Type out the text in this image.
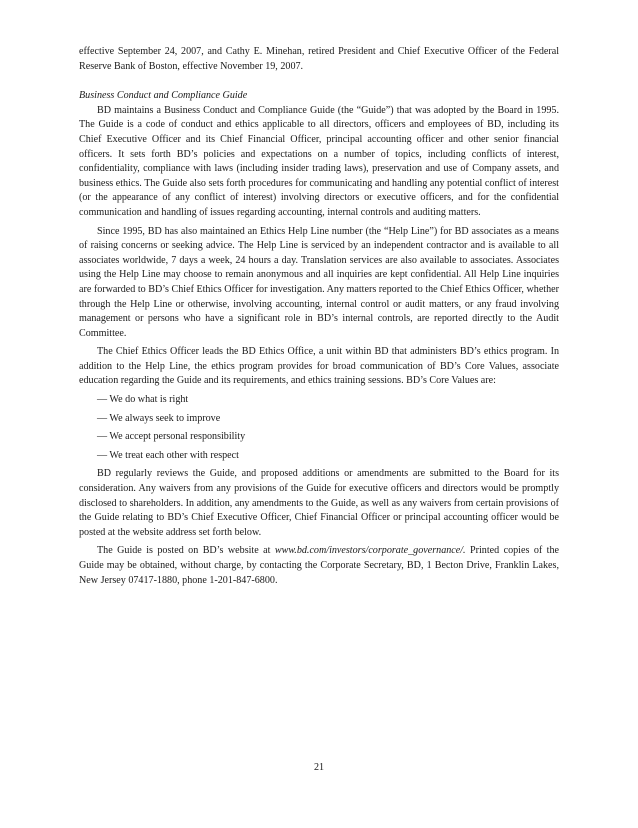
effective September 24, 2007, and Cathy E. Minehan, retired President and Chief Executive Officer of the Federal Reserve Bank of Boston, effective November 19, 2007.

Business Conduct and Compliance Guide

BD maintains a Business Conduct and Compliance Guide (the “Guide”) that was adopted by the Board in 1995. The Guide is a code of conduct and ethics applicable to all directors, officers and employees of BD, including its Chief Executive Officer and its Chief Financial Officer, principal accounting officer and other senior financial officers. It sets forth BD’s policies and expectations on a number of topics, including conflicts of interest, confidentiality, compliance with laws (including insider trading laws), preservation and use of Company assets, and business ethics. The Guide also sets forth procedures for communicating and handling any potential conflict of interest (or the appearance of any conflict of interest) involving directors or executive officers, and for the confidential communication and handling of issues regarding accounting, internal controls and auditing matters.

Since 1995, BD has also maintained an Ethics Help Line number (the “Help Line”) for BD associates as a means of raising concerns or seeking advice. The Help Line is serviced by an independent contractor and is available to all associates worldwide, 7 days a week, 24 hours a day. Translation services are also available to associates. Associates using the Help Line may choose to remain anonymous and all inquiries are kept confidential. All Help Line inquiries are forwarded to BD’s Chief Ethics Officer for investigation. Any matters reported to the Chief Ethics Officer, whether through the Help Line or otherwise, involving accounting, internal control or audit matters, or any fraud involving management or persons who have a significant role in BD’s internal controls, are reported directly to the Audit Committee.

The Chief Ethics Officer leads the BD Ethics Office, a unit within BD that administers BD’s ethics program. In addition to the Help Line, the ethics program provides for broad communication of BD’s Core Values, associate education regarding the Guide and its requirements, and ethics training sessions. BD’s Core Values are:

— We do what is right
— We always seek to improve
— We accept personal responsibility
— We treat each other with respect

BD regularly reviews the Guide, and proposed additions or amendments are submitted to the Board for its consideration. Any waivers from any provisions of the Guide for executive officers and directors would be promptly disclosed to shareholders. In addition, any amendments to the Guide, as well as any waivers from certain provisions of the Guide relating to BD’s Chief Executive Officer, Chief Financial Officer or principal accounting officer would be posted at the website address set forth below.

The Guide is posted on BD’s website at www.bd.com/investors/corporate_governance/. Printed copies of the Guide may be obtained, without charge, by contacting the Corporate Secretary, BD, 1 Becton Drive, Franklin Lakes, New Jersey 07417-1880, phone 1-201-847-6800.

21
